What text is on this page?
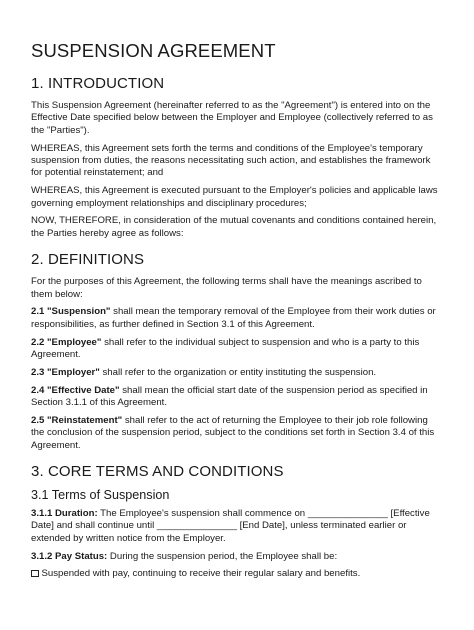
SUSPENSION AGREEMENT
1. INTRODUCTION

This Suspension Agreement (hereinafter referred to as the "Agreement") is entered into on the Effective Date specified below between the Employer and Employee (collectively referred to as the "Parties").

WHEREAS, this Agreement sets forth the terms and conditions of the Employee's temporary suspension from duties, the reasons necessitating such action, and establishes the framework for potential reinstatement; and

WHEREAS, this Agreement is executed pursuant to the Employer's policies and applicable laws governing employment relationships and disciplinary procedures;

NOW, THEREFORE, in consideration of the mutual covenants and conditions contained herein, the Parties hereby agree as follows:

2. DEFINITIONS

For the purposes of this Agreement, the following terms shall have the meanings ascribed to them below:

2.1 "Suspension" shall mean the temporary removal of the Employee from their work duties or responsibilities, as further defined in Section 3.1 of this Agreement.

2.2 "Employee" shall refer to the individual subject to suspension and who is a party to this Agreement.

2.3 "Employer" shall refer to the organization or entity instituting the suspension.

2.4 "Effective Date" shall mean the official start date of the suspension period as specified in Section 3.1.1 of this Agreement.

2.5 "Reinstatement" shall refer to the act of returning the Employee to their job role following the conclusion of the suspension period, subject to the conditions set forth in Section 3.4 of this Agreement.

3. CORE TERMS AND CONDITIONS
3.1 Terms of Suspension

3.1.1 Duration: The Employee's suspension shall commence on _______________ [Effective Date] and shall continue until _______________ [End Date], unless terminated earlier or extended by written notice from the Employer.

3.1.2 Pay Status: During the suspension period, the Employee shall be:

Suspended with pay, continuing to receive their regular salary and benefits.
